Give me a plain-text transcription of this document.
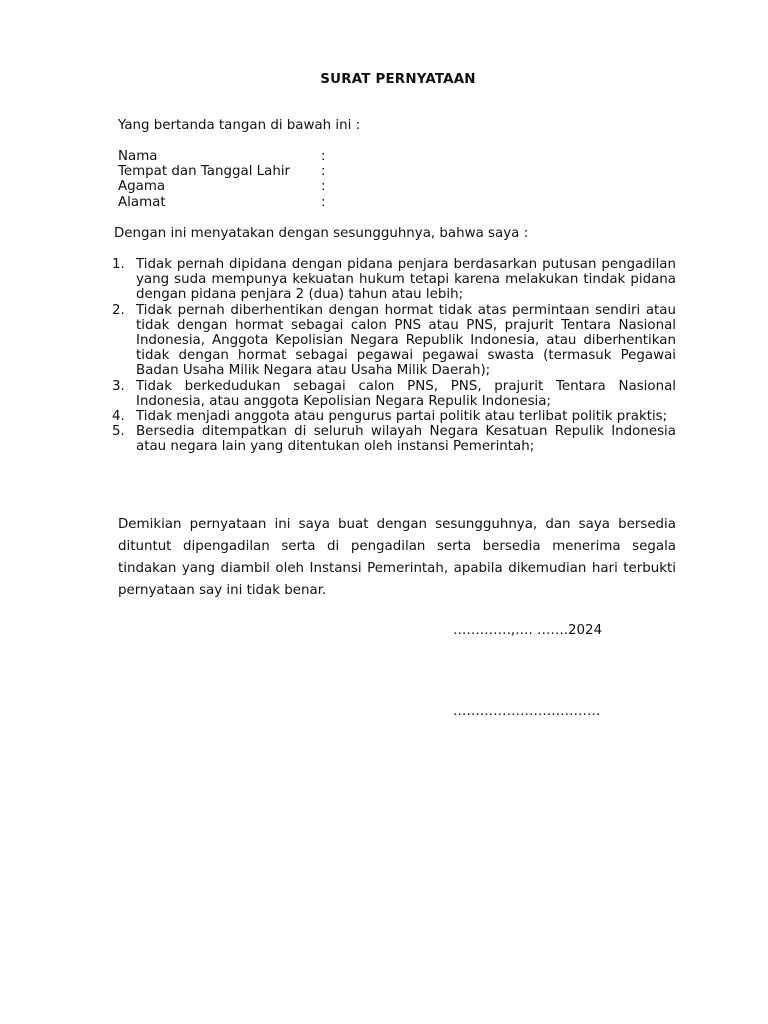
SURAT PERNYATAAN
Yang bertanda tangan di bawah ini :
Nama	:
Tempat dan Tanggal Lahir	:
Agama	:
Alamat	:
Dengan ini menyatakan dengan sesungguhnya, bahwa saya :
1. Tidak pernah dipidana dengan pidana penjara berdasarkan putusan pengadilan yang suda mempunya kekuatan hukum tetapi karena melakukan tindak pidana dengan pidana penjara 2 (dua) tahun atau lebih;
2. Tidak pernah diberhentikan dengan hormat tidak atas permintaan sendiri atau tidak dengan hormat sebagai calon PNS atau PNS, prajurit Tentara Nasional Indonesia, Anggota Kepolisian Negara Republik Indonesia, atau diberhentikan tidak dengan hormat sebagai pegawai pegawai swasta (termasuk Pegawai Badan Usaha Milik Negara atau Usaha Milik Daerah);
3. Tidak berkedudukan sebagai calon PNS, PNS, prajurit Tentara Nasional Indonesia, atau anggota Kepolisian Negara Repulik Indonesia;
4. Tidak menjadi anggota atau pengurus partai politik atau terlibat politik praktis;
5. Bersedia ditempatkan di seluruh wilayah Negara Kesatuan Repulik Indonesia atau negara lain yang ditentukan oleh instansi Pemerintah;

Demikian pernyataan ini saya buat dengan sesungguhnya, dan saya bersedia dituntut dipengadilan serta di pengadilan serta bersedia menerima segala tindakan yang diambil oleh Instansi Pemerintah, apabila dikemudian hari terbukti pernyataan say ini tidak benar.

………….,…. …….2024
……………………………
